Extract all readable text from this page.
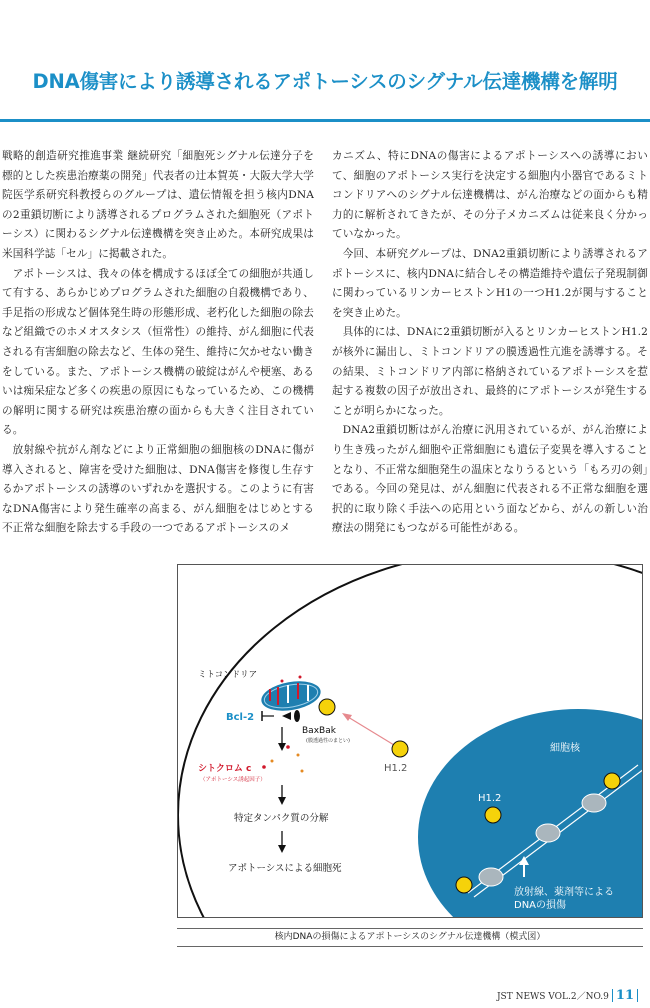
DNA傷害により誘導されるアポトーシスのシグナル伝達機構を解明

戦略的創造研究推進事業 継続研究「細胞死シグナル伝達分子を標的とした疾患治療薬の開発」代表者の辻本賀英・大阪大学大学院医学系研究科教授らのグループは、遺伝情報を担う核内DNAの2重鎖切断により誘導されるプログラムされた細胞死（アポトーシス）に関わるシグナル伝達機構を突き止めた。本研究成果は米国科学誌「セル」に掲載された。

アポトーシスは、我々の体を構成するほぼ全ての細胞が共通して有する、あらかじめプログラムされた細胞の自殺機構であり、手足指の形成など個体発生時の形態形成、老朽化した細胞の除去など組織でのホメオスタシス（恒常性）の維持、がん細胞に代表される有害細胞の除去など、生体の発生、維持に欠かせない働きをしている。また、アポトーシス機構の破綻はがんや梗塞、あるいは痴呆症など多くの疾患の原因にもなっているため、この機構の解明に関する研究は疾患治療の面からも大きく注目されている。

放射線や抗がん剤などにより正常細胞の細胞核のDNAに傷が導入されると、障害を受けた細胞は、DNA傷害を修復し生存するかアポトーシスの誘導のいずれかを選択する。このように有害なDNA傷害により発生確率の高まる、がん細胞をはじめとする不正常な細胞を除去する手段の一つであるアポトーシスのメ

カニズム、特にDNAの傷害によるアポトーシスへの誘導において、細胞のアポトーシス実行を決定する細胞内小器官であるミトコンドリアへのシグナル伝達機構は、がん治療などの面からも精力的に解析されてきたが、その分子メカニズムは従来良く分かっていなかった。

今回、本研究グループは、DNA2重鎖切断により誘導されるアポトーシスに、核内DNAに結合しその構造維持や遺伝子発現制御に関わっているリンカーヒストンH1の一つH1.2が関与することを突き止めた。

具体的には、DNAに2重鎖切断が入るとリンカーヒストンH1.2が核外に漏出し、ミトコンドリアの膜透過性亢進を誘導する。その結果、ミトコンドリア内部に格納されているアポトーシスを惹起する複数の因子が放出され、最終的にアポトーシスが発生することが明らかになった。

DNA2重鎖切断はがん治療に汎用されているが、がん治療により生き残ったがん細胞や正常細胞にも遺伝子変異を導入することとなり、不正常な細胞発生の温床となりうるという「もろ刃の剣」である。今回の発見は、がん細胞に代表される不正常な細胞を選択的に取り除く手法への応用という面などから、がんの新しい治療法の開発にもつながる可能性がある。

細胞核
ミトコンドリア
Bcl-2
BaxBak
(膜透過性のまとい)
H1.2
シトクロム c
（アポトーシス誘起因子）
特定タンパク質の分解
アポトーシスによる細胞死
H1.2
放射線、薬剤等による
DNAの損傷
核内DNAの損傷によるアポトーシスのシグナル伝達機構（模式図）
JST NEWS VOL.2／NO.9 11
